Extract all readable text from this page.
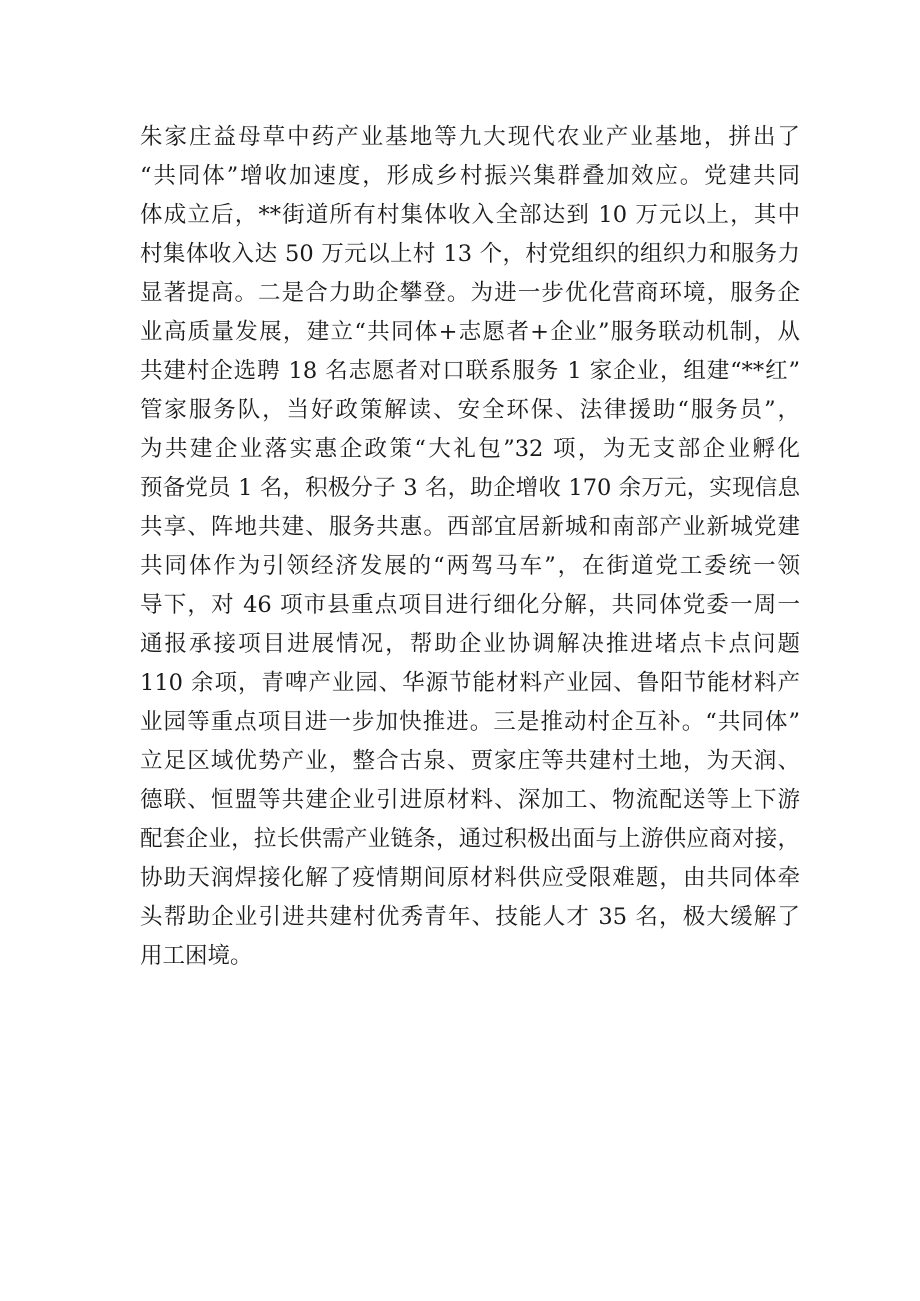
朱家庄益母草中药产业基地等九大现代农业产业基地，拼出了
“共同体”增收加速度，形成乡村振兴集群叠加效应。党建共同
体成立后，**街道所有村集体收入全部达到 10 万元以上，其中
村集体收入达 50 万元以上村 13 个，村党组织的组织力和服务力
显著提高。二是合力助企攀登。为进一步优化营商环境，服务企
业高质量发展，建立“共同体+志愿者+企业”服务联动机制，从
共建村企选聘 18 名志愿者对口联系服务 1 家企业，组建“**红”
管家服务队，当好政策解读、安全环保、法律援助“服务员”，
为共建企业落实惠企政策“大礼包”32 项，为无支部企业孵化
预备党员 1 名，积极分子 3 名，助企增收 170 余万元，实现信息
共享、阵地共建、服务共惠。西部宜居新城和南部产业新城党建
共同体作为引领经济发展的“两驾马车”，在街道党工委统一领
导下，对 46 项市县重点项目进行细化分解，共同体党委一周一
通报承接项目进展情况，帮助企业协调解决推进堵点卡点问题
110 余项，青啤产业园、华源节能材料产业园、鲁阳节能材料产
业园等重点项目进一步加快推进。三是推动村企互补。“共同体”
立足区域优势产业，整合古泉、贾家庄等共建村土地，为天润、
德联、恒盟等共建企业引进原材料、深加工、物流配送等上下游
配套企业，拉长供需产业链条，通过积极出面与上游供应商对接，
协助天润焊接化解了疫情期间原材料供应受限难题，由共同体牵
头帮助企业引进共建村优秀青年、技能人才 35 名，极大缓解了
用工困境。
